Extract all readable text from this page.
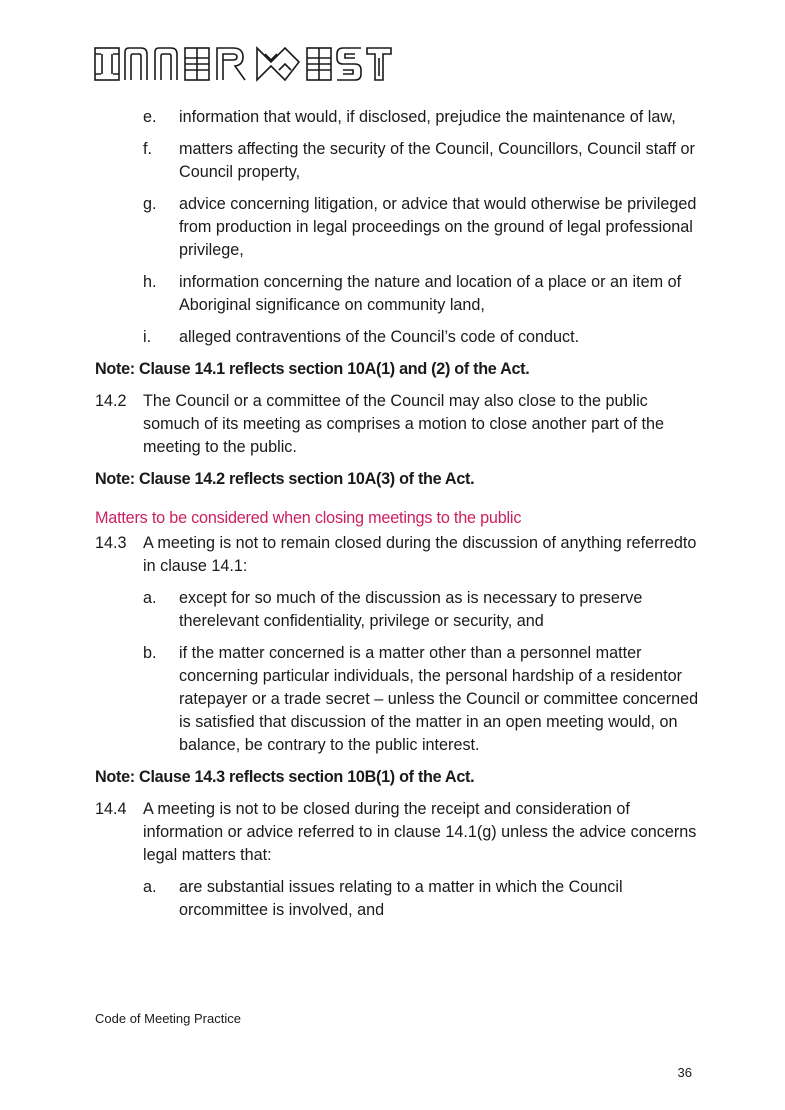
e. information that would, if disclosed, prejudice the maintenance of law,
f. matters affecting the security of the Council, Councillors, Council staff or Council property,
g. advice concerning litigation, or advice that would otherwise be privileged from production in legal proceedings on the ground of legal professional privilege,
h. information concerning the nature and location of a place or an item of Aboriginal significance on community land,
i. alleged contraventions of the Council’s code of conduct.
Note: Clause 14.1 reflects section 10A(1) and (2) of the Act.
14.2 The Council or a committee of the Council may also close to the public somuch of its meeting as comprises a motion to close another part of the meeting to the public.
Note: Clause 14.2 reflects section 10A(3) of the Act.
Matters to be considered when closing meetings to the public
14.3 A meeting is not to remain closed during the discussion of anything referredto in clause 14.1:
a. except for so much of the discussion as is necessary to preserve therelevant confidentiality, privilege or security, and
b. if the matter concerned is a matter other than a personnel matter concerning particular individuals, the personal hardship of a residentor ratepayer or a trade secret – unless the Council or committee concerned is satisfied that discussion of the matter in an open meeting would, on balance, be contrary to the public interest.
Note: Clause 14.3 reflects section 10B(1) of the Act.
14.4 A meeting is not to be closed during the receipt and consideration of information or advice referred to in clause 14.1(g) unless the advice concerns legal matters that:
a. are substantial issues relating to a matter in which the Council orcommittee is involved, and
Code of Meeting Practice
36
